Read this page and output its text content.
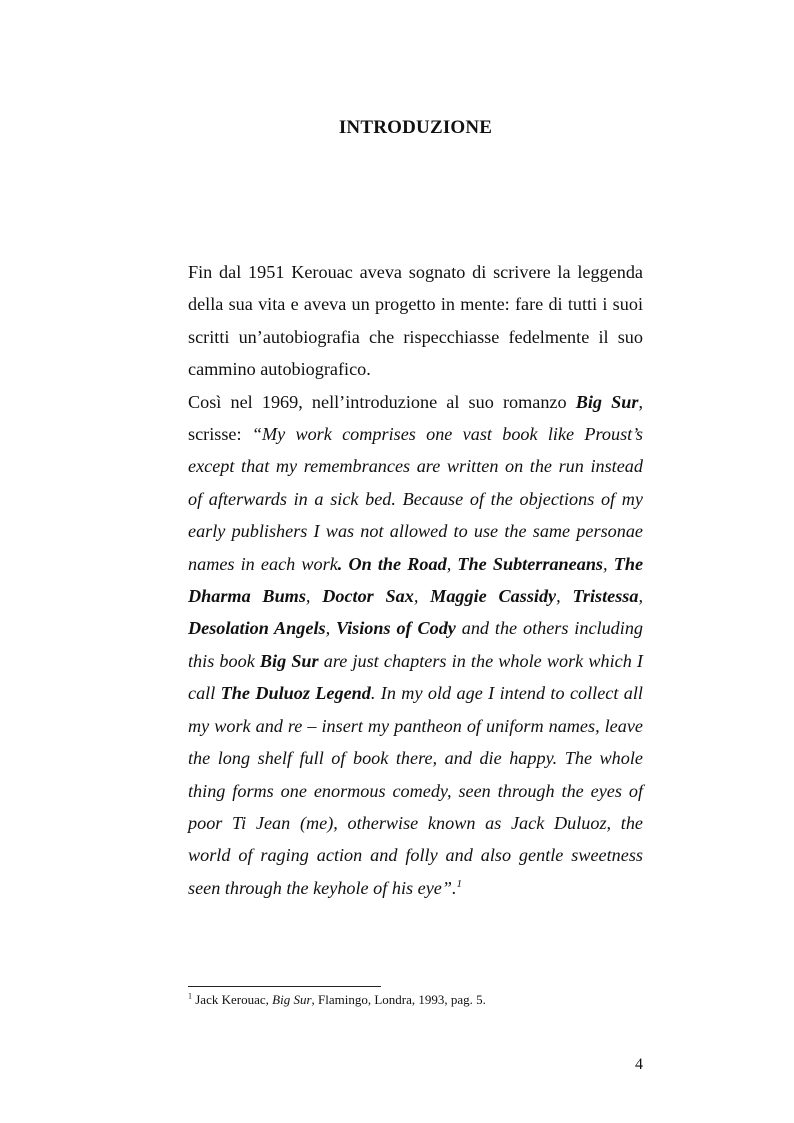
INTRODUZIONE

Fin dal 1951 Kerouac aveva sognato di scrivere la leggenda della sua vita e aveva un progetto in mente: fare di tutti i suoi scritti un’autobiografia che rispecchiasse fedelmente il suo cammino autobiografico.

Così nel 1969, nell’introduzione al suo romanzo Big Sur, scrisse: “My work comprises one vast book like Proust’s except that my remembrances are written on the run instead of afterwards in a sick bed. Because of the objections of my early publishers I was not allowed to use the same personae names in each work. On the Road, The Subterraneans, The Dharma Bums, Doctor Sax, Maggie Cassidy, Tristessa, Desolation Angels, Visions of Cody and the others including this book Big Sur are just chapters in the whole work which I call The Duluoz Legend. In my old age I intend to collect all my work and re – insert my pantheon of uniform names, leave the long shelf full of book there, and die happy. The whole thing forms one enormous comedy, seen through the eyes of poor Ti Jean (me), otherwise known as Jack Duluoz, the world of raging action and folly and also gentle sweetness seen through the keyhole of his eye”.$^1$

$^1$ Jack Kerouac, Big Sur, Flamingo, Londra, 1993, pag. 5.
4
